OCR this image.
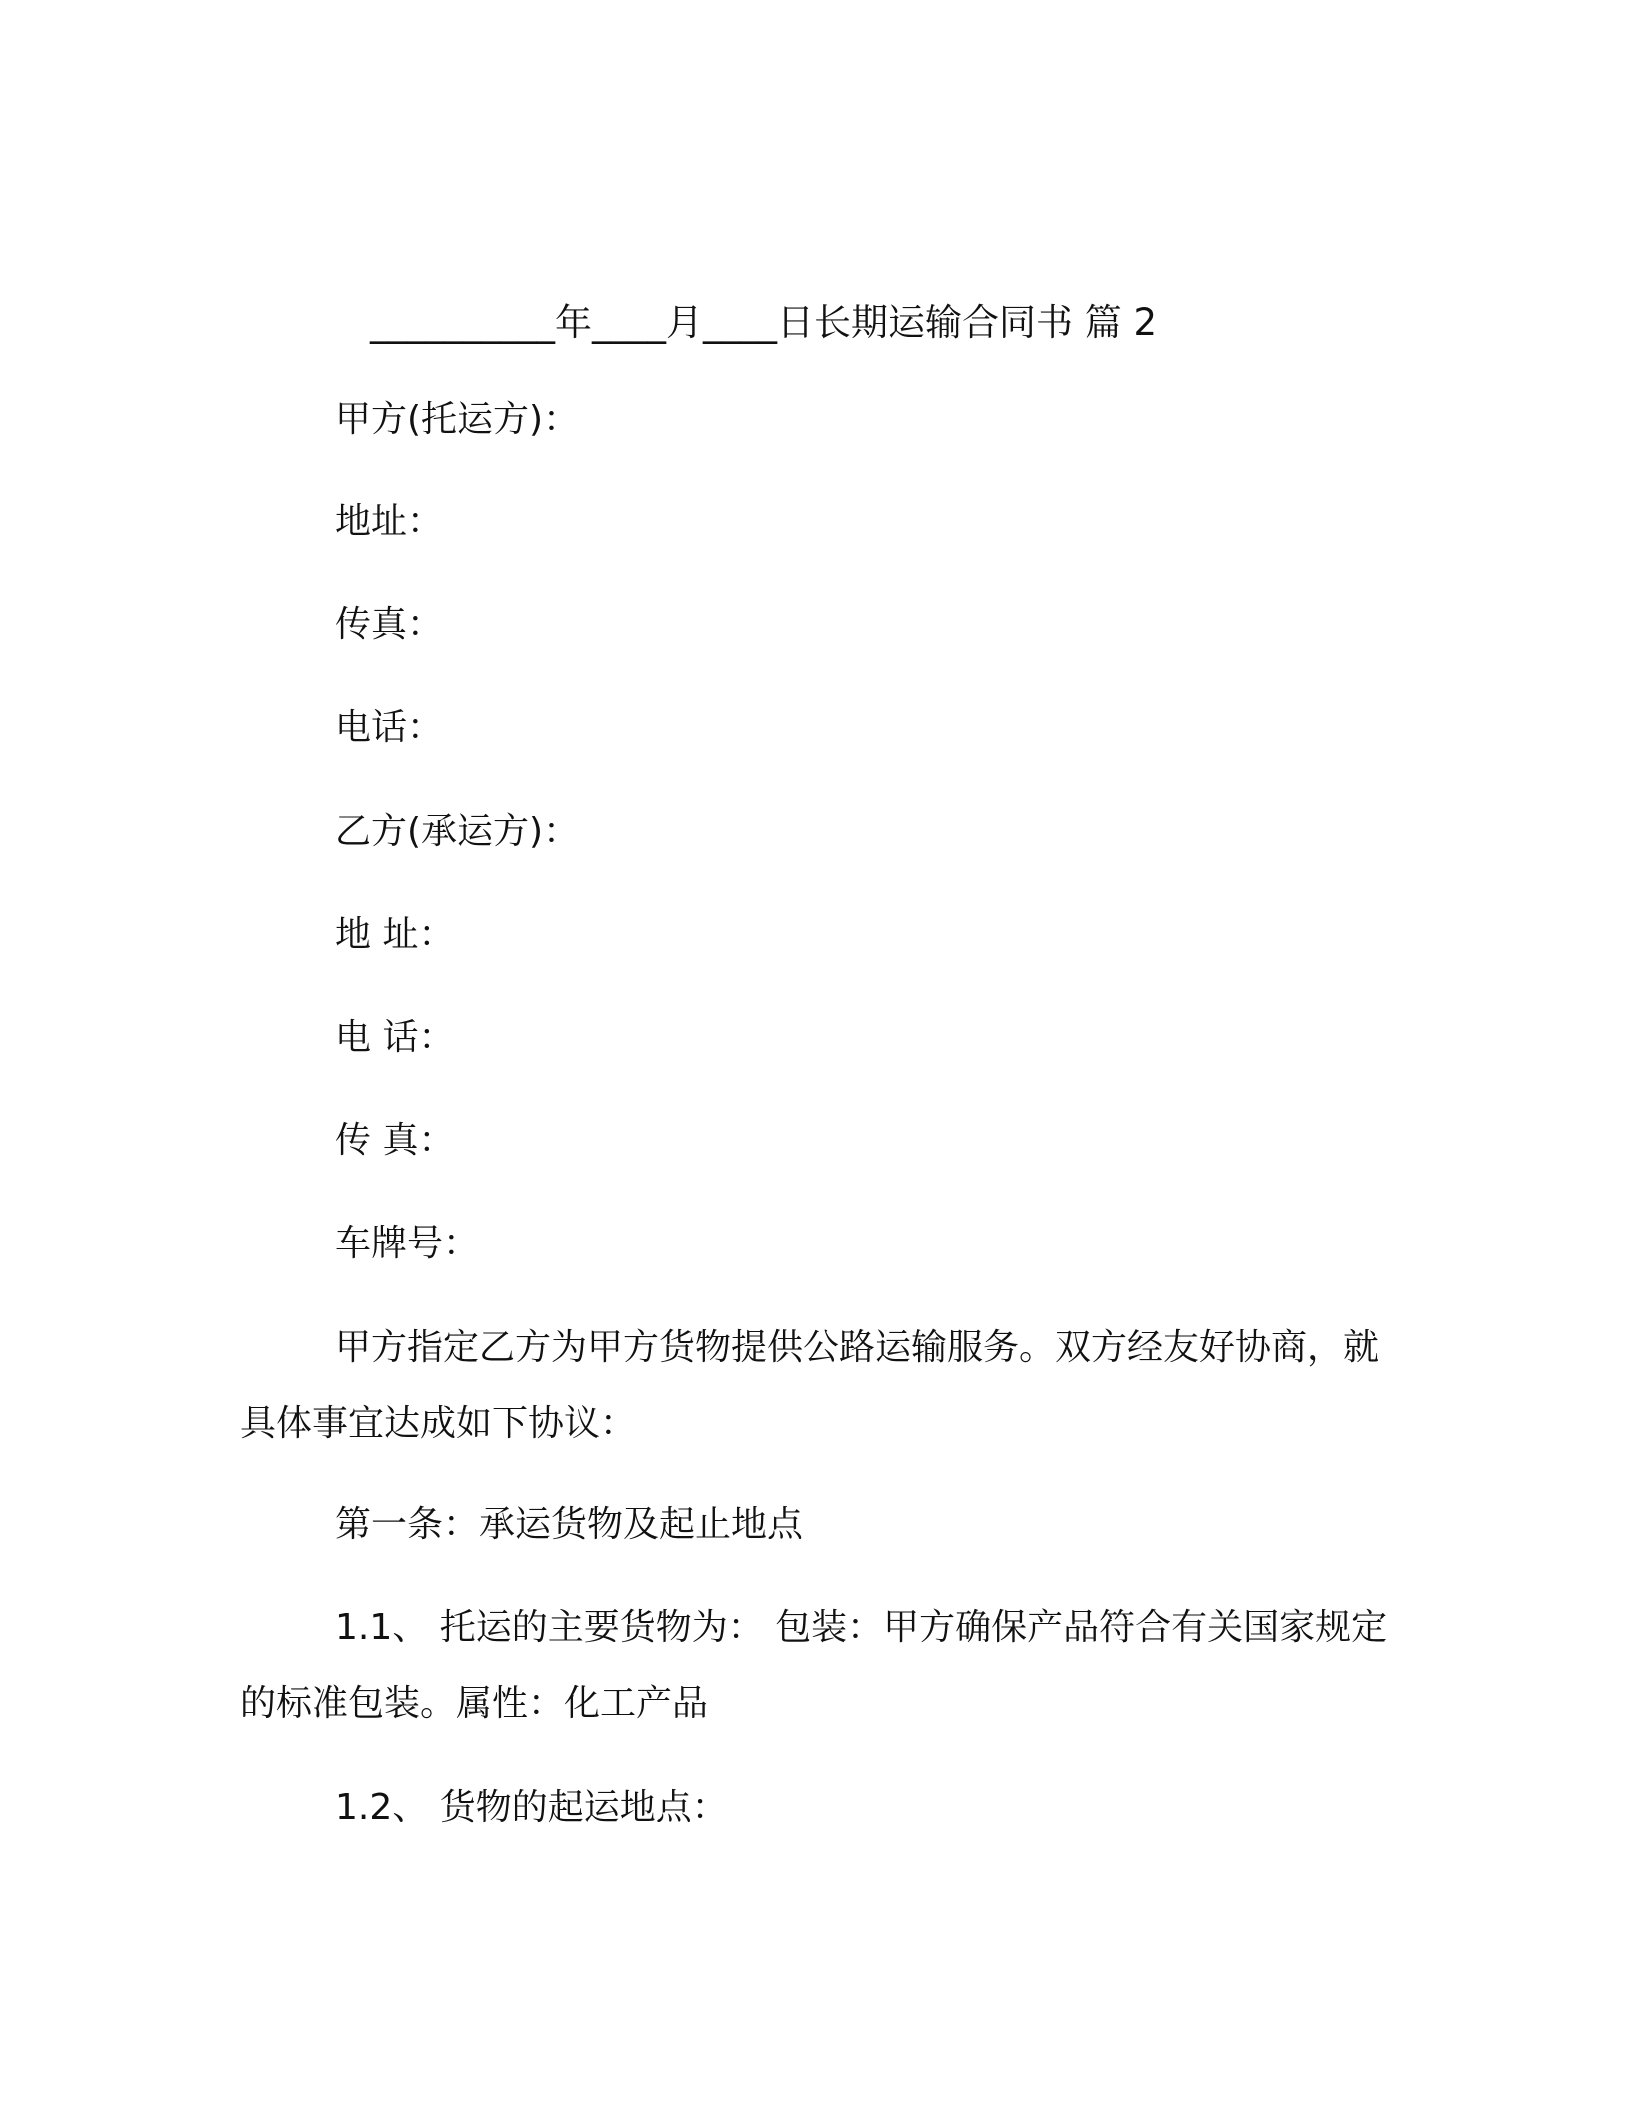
__________年____月____日长期运输合同书 篇 2
甲方(托运方)：
地址：
传真：
电话：
乙方(承运方)：
地 址：
电 话：
传 真：
车牌号：

甲方指定乙方为甲方货物提供公路运输服务。双方经友好协商，就具体事宜达成如下协议：

第一条：承运货物及起止地点

1.1、 托运的主要货物为： 包装：甲方确保产品符合有关国家规定的标准包装。属性：化工产品

1.2、 货物的起运地点：
